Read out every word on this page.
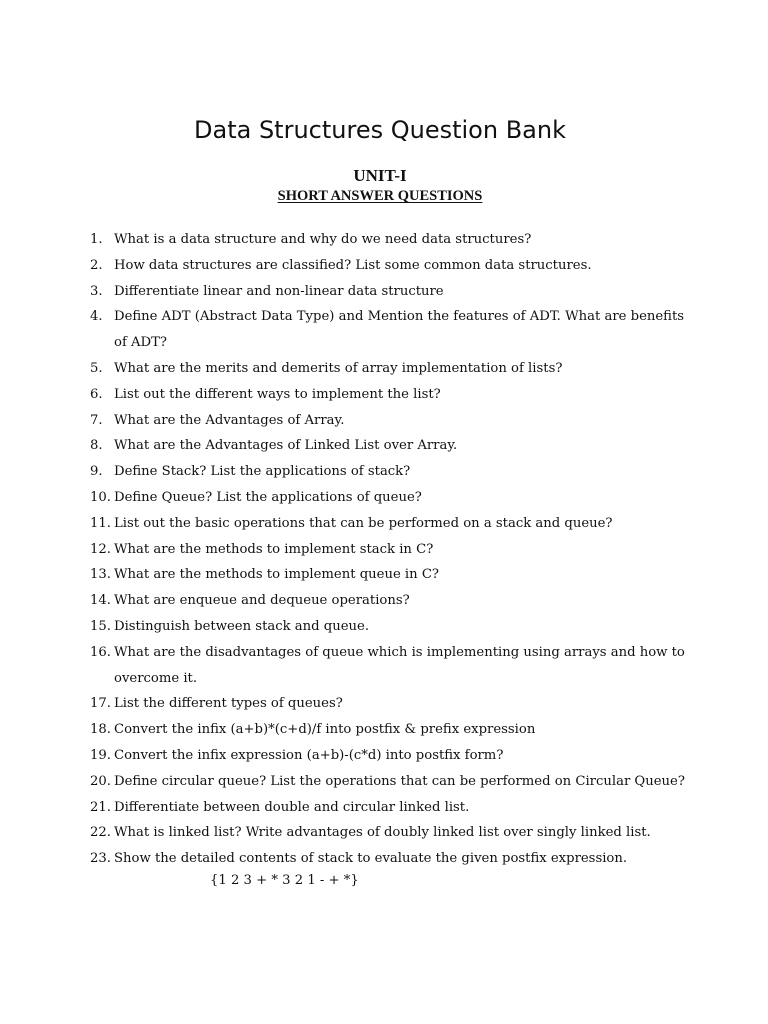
Data Structures Question Bank
UNIT-I
SHORT ANSWER QUESTIONS
1. What is a data structure and why do we need data structures?
2. How data structures are classified? List some common data structures.
3. Differentiate linear and non-linear data structure
4. Define ADT (Abstract Data Type) and Mention the features of ADT. What are benefits of ADT?
5. What are the merits and demerits of array implementation of lists?
6. List out the different ways to implement the list?
7. What are the Advantages of Array.
8. What are the Advantages of Linked List over Array.
9. Define Stack? List the applications of stack?
10. Define Queue? List the applications of queue?
11. List out the basic operations that can be performed on a stack and queue?
12. What are the methods to implement stack in C?
13. What are the methods to implement queue in C?
14. What are enqueue and dequeue operations?
15. Distinguish between stack and queue.
16. What are the disadvantages of queue which is implementing using arrays and how to overcome it.
17. List the different types of queues?
18. Convert the infix (a+b)*(c+d)/f into postfix & prefix expression
19. Convert the infix expression (a+b)-(c*d) into postfix form?
20. Define circular queue? List the operations that can be performed on Circular Queue?
21. Differentiate between double and circular linked list.
22. What is linked list? Write advantages of doubly linked list over singly linked list.
23. Show the detailed contents of stack to evaluate the given postfix expression.
{1 2 3 + * 3 2 1 - + *}
